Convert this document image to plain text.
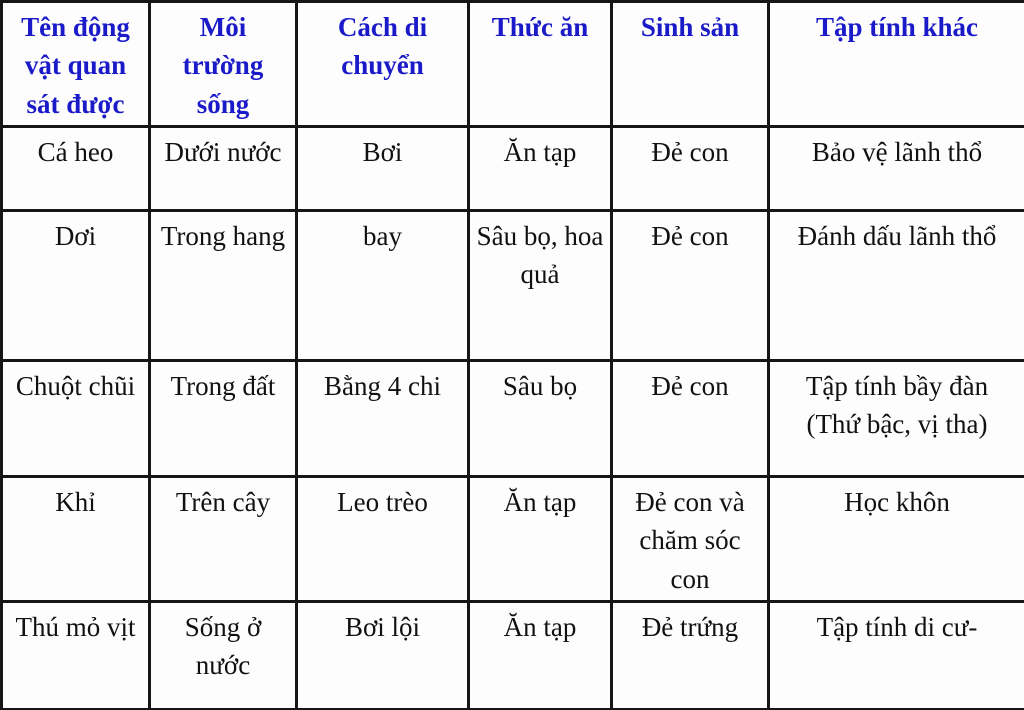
Tên động vật quan sát được	Môi trường sống	Cách di chuyển	Thức ăn	Sinh sản	Tập tính khác
Cá heo	Dưới nước	Bơi	Ăn tạp	Đẻ con	Bảo vệ lãnh thổ
Dơi	Trong hang	bay	Sâu bọ, hoa quả	Đẻ con	Đánh dấu lãnh thổ
Chuột chũi	Trong đất	Bằng 4 chi	Sâu bọ	Đẻ con	Tập tính bầy đàn (Thứ bậc, vị tha)
Khỉ	Trên cây	Leo trèo	Ăn tạp	Đẻ con và chăm sóc con	Học khôn
Thú mỏ vịt	Sống ở nước	Bơi lội	Ăn tạp	Đẻ trứng	Tập tính di cư-
